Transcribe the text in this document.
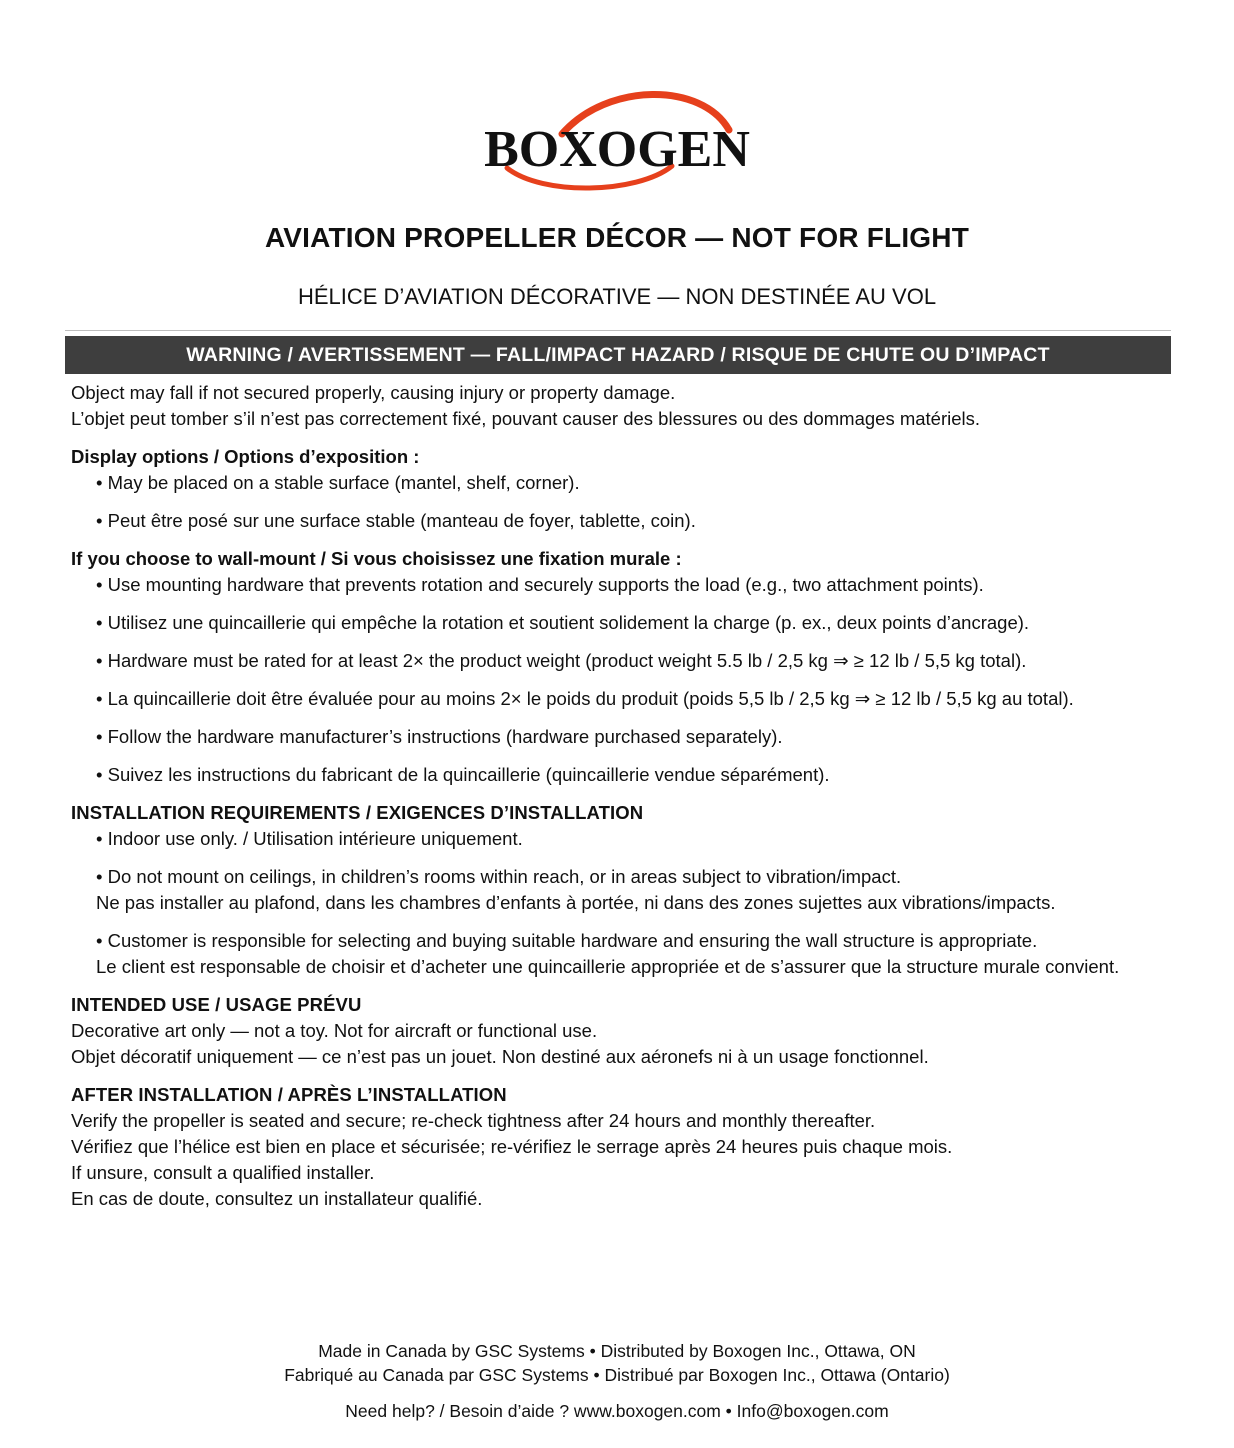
BOXOGEN
AVIATION PROPELLER DÉCOR — NOT FOR FLIGHT
HÉLICE D’AVIATION DÉCORATIVE — NON DESTINÉE AU VOL
WARNING / AVERTISSEMENT — FALL/IMPACT HAZARD / RISQUE DE CHUTE OU D’IMPACT

Object may fall if not secured properly, causing injury or property damage.

L’objet peut tomber s’il n’est pas correctement fixé, pouvant causer des blessures ou des dommages matériels.

Display options / Options d’exposition :

• May be placed on a stable surface (mantel, shelf, corner).
• Peut être posé sur une surface stable (manteau de foyer, tablette, coin).

If you choose to wall-mount / Si vous choisissez une fixation murale :

• Use mounting hardware that prevents rotation and securely supports the load (e.g., two attachment points).
• Utilisez une quincaillerie qui empêche la rotation et soutient solidement la charge (p. ex., deux points d’ancrage).
• Hardware must be rated for at least 2× the product weight (product weight 5.5 lb / 2,5 kg ⇒ ≥ 12 lb / 5,5 kg total).
• La quincaillerie doit être évaluée pour au moins 2× le poids du produit (poids 5,5 lb / 2,5 kg ⇒ ≥ 12 lb / 5,5 kg au total).
• Follow the hardware manufacturer’s instructions (hardware purchased separately).
• Suivez les instructions du fabricant de la quincaillerie (quincaillerie vendue séparément).

INSTALLATION REQUIREMENTS / EXIGENCES D’INSTALLATION

• Indoor use only. / Utilisation intérieure uniquement.
• Do not mount on ceilings, in children’s rooms within reach, or in areas subject to vibration/impact.
Ne pas installer au plafond, dans les chambres d’enfants à portée, ni dans des zones sujettes aux vibrations/impacts.
• Customer is responsible for selecting and buying suitable hardware and ensuring the wall structure is appropriate.
Le client est responsable de choisir et d’acheter une quincaillerie appropriée et de s’assurer que la structure murale convient.

INTENDED USE / USAGE PRÉVU

Decorative art only — not a toy. Not for aircraft or functional use.

Objet décoratif uniquement — ce n’est pas un jouet. Non destiné aux aéronefs ni à un usage fonctionnel.

AFTER INSTALLATION / APRÈS L’INSTALLATION

Verify the propeller is seated and secure; re-check tightness after 24 hours and monthly thereafter.

Vérifiez que l’hélice est bien en place et sécurisée; re-vérifiez le serrage après 24 heures puis chaque mois.

If unsure, consult a qualified installer.

En cas de doute, consultez un installateur qualifié.

Made in Canada by GSC Systems • Distributed by Boxogen Inc., Ottawa, ON
Fabriqué au Canada par GSC Systems • Distribué par Boxogen Inc., Ottawa (Ontario)
Need help? / Besoin d’aide ? www.boxogen.com • Info@boxogen.com
